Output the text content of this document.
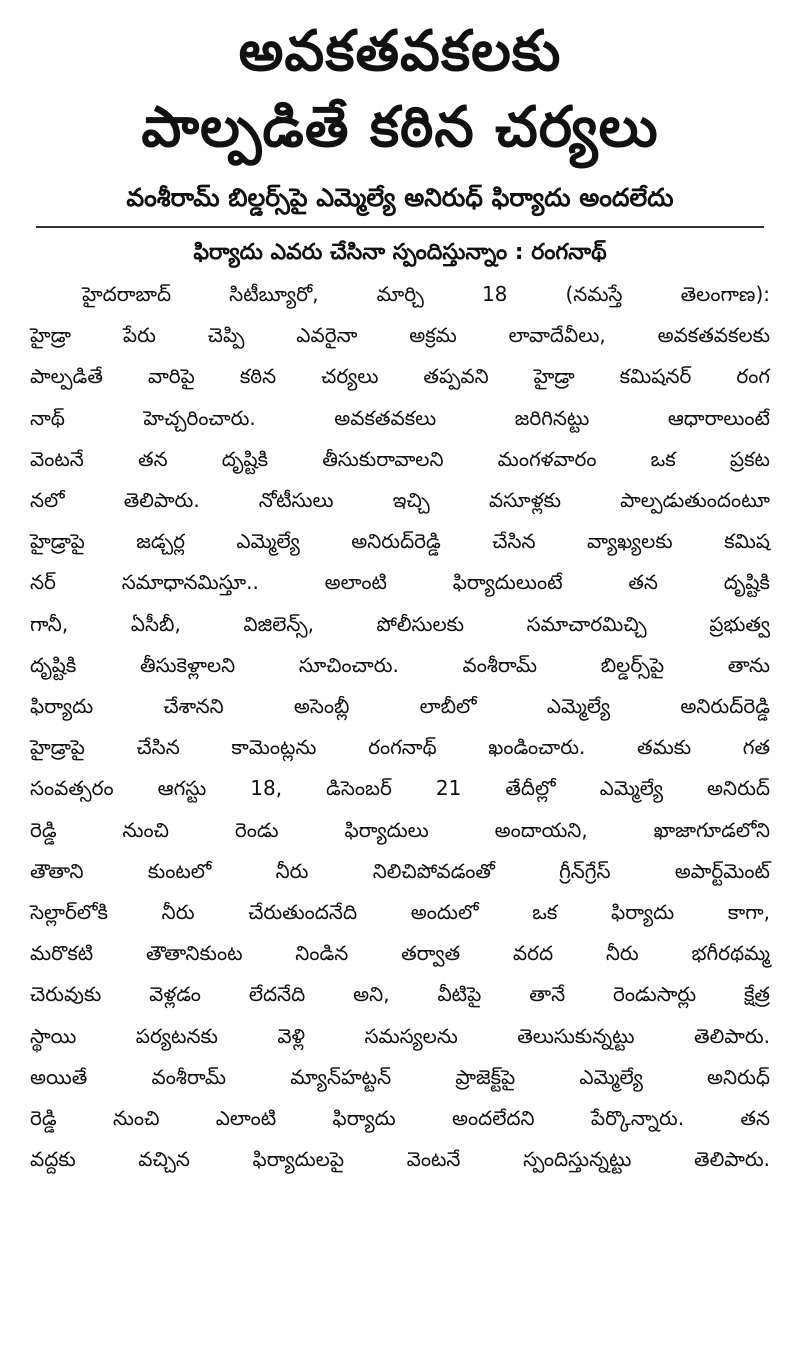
అవకతవకలకు
పాల్పడితే కఠిన చర్యలు
వంశీరామ్ బిల్డర్స్‌పై ఎమ్మెల్యే అనిరుధ్ ఫిర్యాదు అందలేదు
ఫిర్యాదు ఎవరు చేసినా స్పందిస్తున్నాం : రంగనాథ్
హైదరాబాద్ సిటీబ్యూరో, మార్చి 18 (నమస్తే తెలంగాణ):
హైడ్రా పేరు చెప్పి ఎవరైనా అక్రమ లావాదేవీలు, అవకతవకలకు
పాల్పడితే వారిపై కఠిన చర్యలు తప్పవని హైడ్రా కమిషనర్ రంగ
నాథ్ హెచ్చరించారు. అవకతవకలు జరిగినట్టు ఆధారాలుంటే
వెంటనే తన దృష్టికి తీసుకురావాలని మంగళవారం ఒక ప్రకట
నలో తెలిపారు. నోటీసులు ఇచ్చి వసూళ్లకు పాల్పడుతుందంటూ
హైడ్రాపై జడ్చర్ల ఎమ్మెల్యే అనిరుద్‌రెడ్డి చేసిన వ్యాఖ్యలకు కమిష
నర్ సమాధానమిస్తూ.. అలాంటి ఫిర్యాదులుంటే తన దృష్టికి
గానీ, ఏసీబీ, విజిలెన్స్, పోలీసులకు సమాచారమిచ్చి ప్రభుత్వ
దృష్టికి తీసుకెళ్లాలని సూచించారు. వంశీరామ్ బిల్డర్స్‌పై తాను
ఫిర్యాదు చేశానని అసెంబ్లీ లాబీలో ఎమ్మెల్యే అనిరుద్‌రెడ్డి
హైడ్రాపై చేసిన కామెంట్లను రంగనాథ్ ఖండించారు. తమకు గత
సంవత్సరం ఆగస్టు 18, డిసెంబర్ 21 తేదీల్లో ఎమ్మెల్యే అనిరుద్
రెడ్డి నుంచి రెండు ఫిర్యాదులు అందాయని, ఖాజాగూడలోని
తౌతాని కుంటలో నీరు నిలిచిపోవడంతో గ్రీన్‌గ్రేస్ అపార్ట్‌మెంట్
సెల్లార్‌లోకి నీరు చేరుతుందనేది అందులో ఒక ఫిర్యాదు కాగా,
మరొకటి తౌతానికుంట నిండిన తర్వాత వరద నీరు భగీరథమ్మ
చెరువుకు వెళ్లడం లేదనేది అని, వీటిపై తానే రెండుసార్లు క్షేత్ర
స్థాయి పర్యటనకు వెళ్లి సమస్యలను తెలుసుకున్నట్టు తెలిపారు.
అయితే వంశీరామ్ మ్యాన్‌హట్టన్ ప్రాజెక్ట్‌పై ఎమ్మెల్యే అనిరుధ్
రెడ్డి నుంచి ఎలాంటి ఫిర్యాదు అందలేదని పేర్కొన్నారు. తన
వద్దకు వచ్చిన ఫిర్యాదులపై వెంటనే స్పందిస్తున్నట్టు తెలిపారు.
